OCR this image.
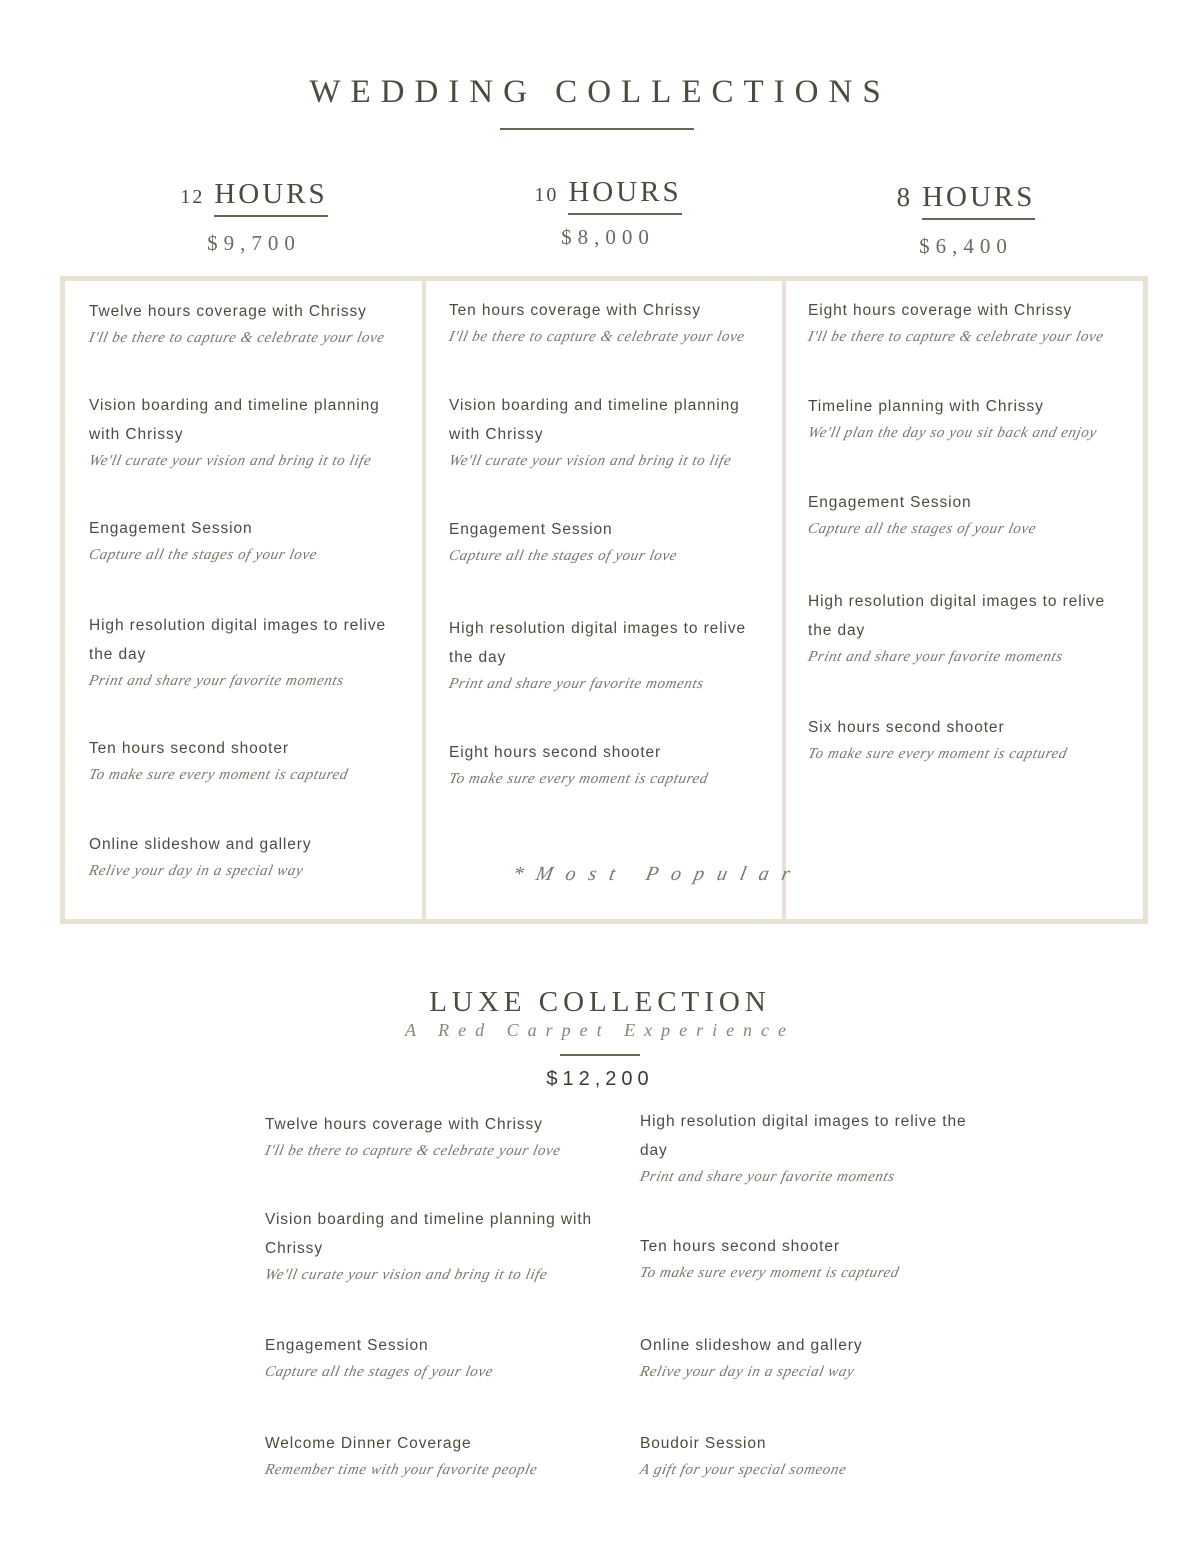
WEDDING COLLECTIONS
12 HOURS
$9,700
10 HOURS
$8,000
8 HOURS
$6,400
Twelve hours coverage with Chrissy
I'll be there to capture & celebrate your love
Vision boarding and timeline planning with Chrissy
We'll curate your vision and bring it to life
Engagement Session
Capture all the stages of your love
High resolution digital images to relive the day
Print and share your favorite moments
Ten hours second shooter
To make sure every moment is captured
Online slideshow and gallery
Relive your day in a special way
Ten hours coverage with Chrissy
I'll be there to capture & celebrate your love
Vision boarding and timeline planning with Chrissy
We'll curate your vision and bring it to life
Engagement Session
Capture all the stages of your love
High resolution digital images to relive the day
Print and share your favorite moments
Eight hours second shooter
To make sure every moment is captured
*Most Popular
Eight hours coverage with Chrissy
I'll be there to capture & celebrate your love
Timeline planning with Chrissy
We'll plan the day so you sit back and enjoy
Engagement Session
Capture all the stages of your love
High resolution digital images to relive the day
Print and share your favorite moments
Six hours second shooter
To make sure every moment is captured
LUXE COLLECTION
A Red Carpet Experience
$12,200
Twelve hours coverage with Chrissy
I'll be there to capture & celebrate your love
Vision boarding and timeline planning with Chrissy
We'll curate your vision and bring it to life
Engagement Session
Capture all the stages of your love
Welcome Dinner Coverage
Remember time with your favorite people
High resolution digital images to relive the day
Print and share your favorite moments
Ten hours second shooter
To make sure every moment is captured
Online slideshow and gallery
Relive your day in a special way
Boudoir Session
A gift for your special someone
